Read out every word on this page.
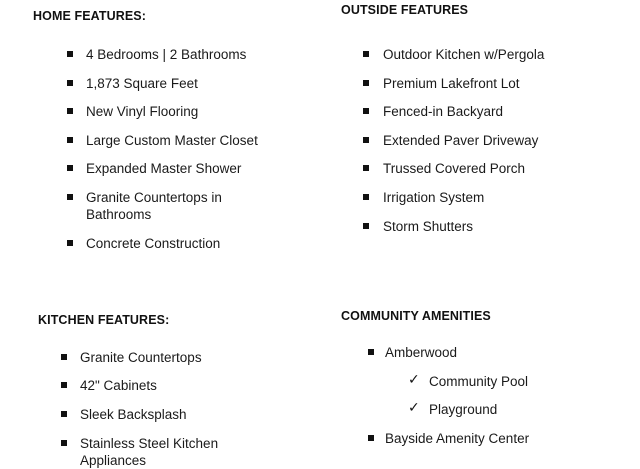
HOME FEATURES:
4 Bedrooms | 2 Bathrooms
1,873 Square Feet
New Vinyl Flooring
Large Custom Master Closet
Expanded Master Shower
Granite Countertops in Bathrooms
Concrete Construction
OUTSIDE FEATURES
Outdoor Kitchen w/Pergola
Premium Lakefront Lot
Fenced-in Backyard
Extended Paver Driveway
Trussed Covered Porch
Irrigation System
Storm Shutters
KITCHEN FEATURES:
Granite Countertops
42" Cabinets
Sleek Backsplash
Stainless Steel Kitchen Appliances
COMMUNITY AMENITIES
Amberwood
✓ Community Pool
✓ Playground
Bayside Amenity Center
